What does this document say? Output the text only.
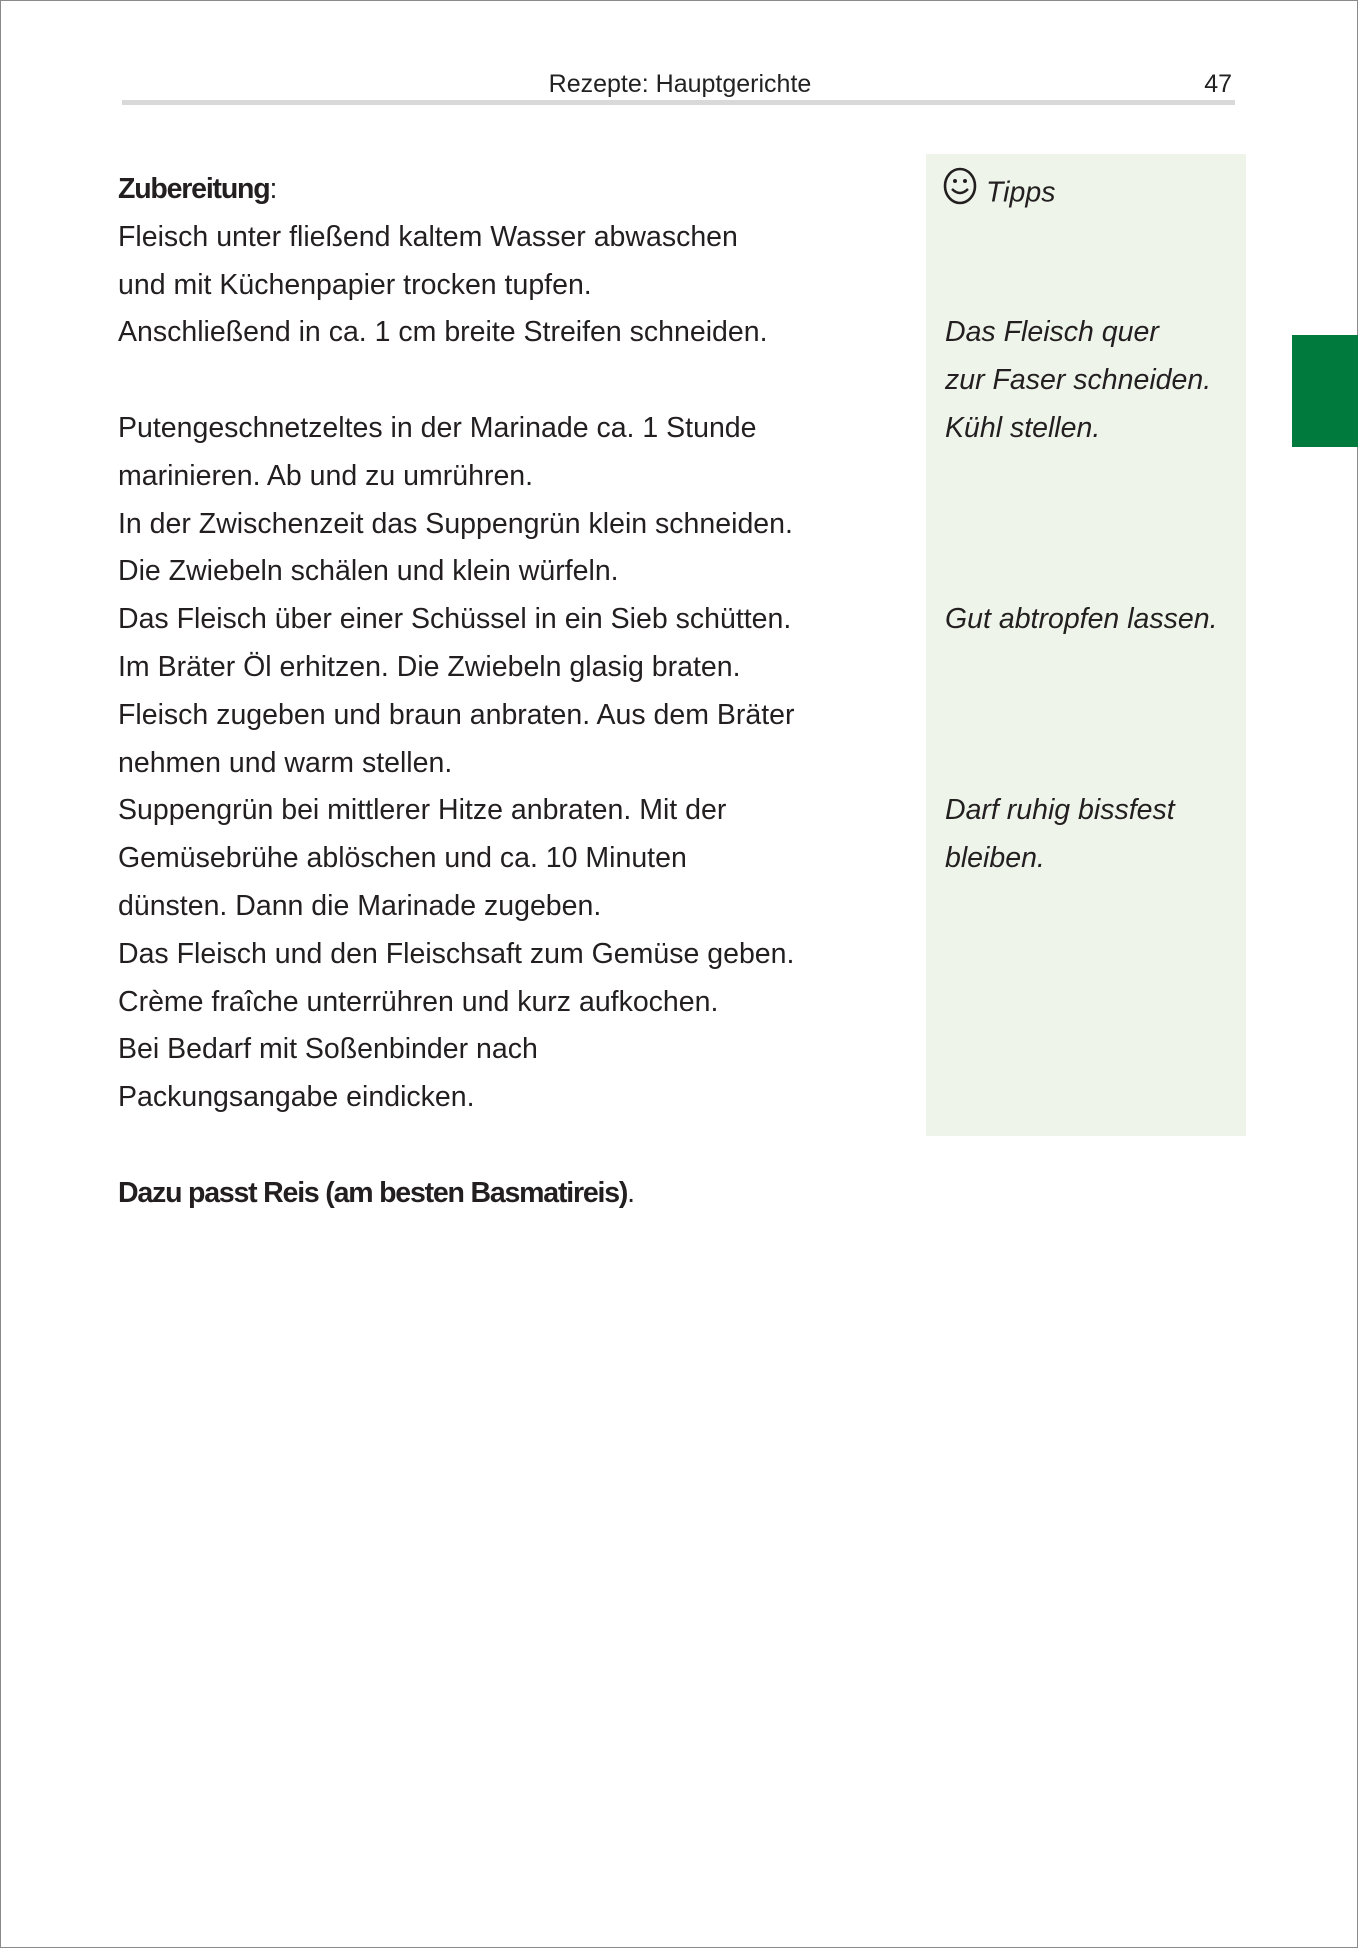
Rezepte: Hauptgerichte	47
Zubereitung:
Fleisch unter fließend kaltem Wasser abwaschen
und mit Küchenpapier trocken tupfen.
Anschließend in ca. 1 cm breite Streifen schneiden.
Putengeschnetzeltes in der Marinade ca. 1 Stunde
marinieren. Ab und zu umrühren.
In der Zwischenzeit das Suppengrün klein schneiden.
Die Zwiebeln schälen und klein würfeln.
Das Fleisch über einer Schüssel in ein Sieb schütten.
Im Bräter Öl erhitzen. Die Zwiebeln glasig braten.
Fleisch zugeben und braun anbraten. Aus dem Bräter
nehmen und warm stellen.
Suppengrün bei mittlerer Hitze anbraten. Mit der
Gemüsebrühe ablöschen und ca. 10 Minuten
dünsten. Dann die Marinade zugeben.
Das Fleisch und den Fleischsaft zum Gemüse geben.
Crème fraîche unterrühren und kurz aufkochen.
Bei Bedarf mit Soßenbinder nach
Packungsangabe eindicken.
Dazu passt Reis (am besten Basmatireis).
Tipps
Das Fleisch quer
zur Faser schneiden.
Kühl stellen.
Gut abtropfen lassen.
Darf ruhig bissfest
bleiben.
